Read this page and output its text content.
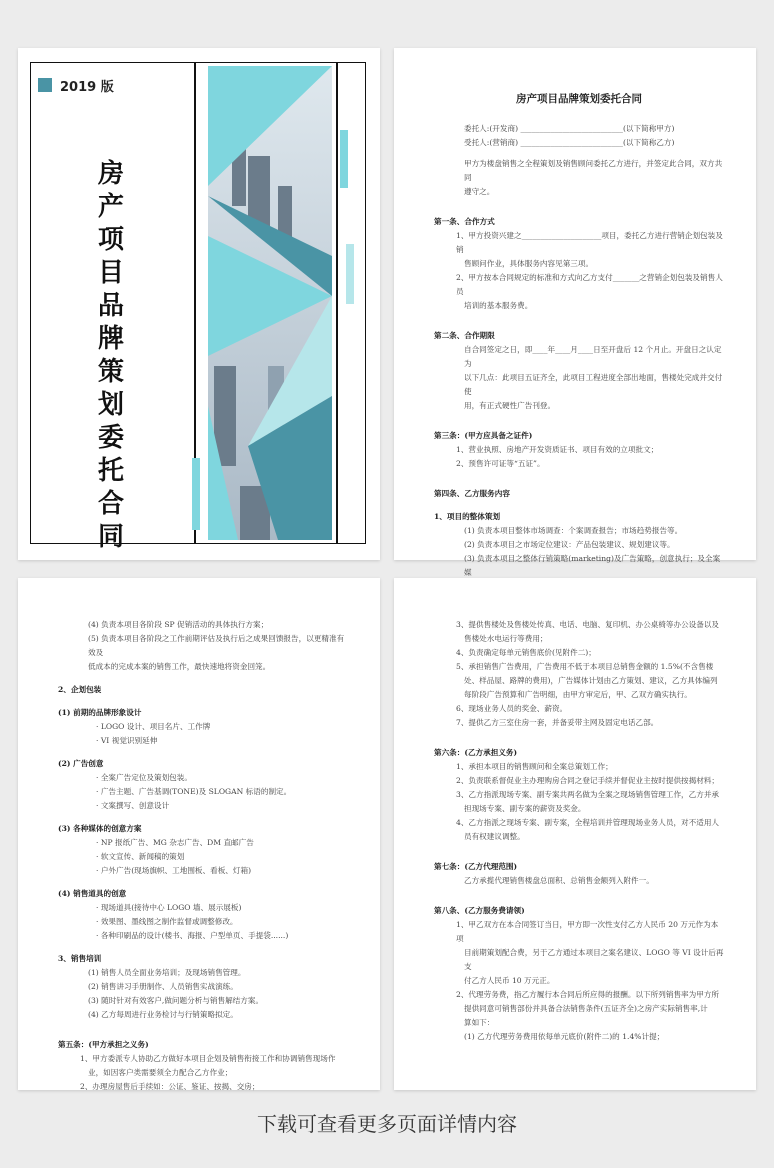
2019 版
房产项目品牌策划委托合同
房产项目品牌策划委托合同
委托人:(开发商) ___________________________(以下简称甲方)
受托人:(营销商) ___________________________(以下简称乙方)
甲方为楼盘销售之全程策划及销售顾问委托乙方进行，并签定此合同，双方共同
遵守之。
第一条、合作方式
1、甲方投资兴建之_____________________项目，委托乙方进行营销企划包装及销
售顾问作业，具体服务内容见第三项。
2、甲方按本合同规定的标准和方式向乙方支付_______之营销企划包装及销售人员
培训的基本服务费。
第二条、合作期限
自合同签定之日，即____年____月____日至开盘后 12 个月止。开盘日之认定为
以下几点：此项目五证齐全，此项目工程进度全部出地面，售楼处完成并交付使
用，有正式硬性广告刊登。
第三条：(甲方应具备之证件)
1、营业执照、房地产开发资质证书、项目有效的立项批文；
2、预售许可证等“五证”。
第四条、乙方服务内容
1、项目的整体策划
(1) 负责本项目整体市场调查：个案调查报告；市场趋势报告等。
(2) 负责本项目之市场定位建议：产品包装建议、规划建议等。
(3) 负责本项目之整体行销策略(marketing)及广告策略，创意执行；及全案媒
(4) 负责本项目各阶段 SP 促销活动的具体执行方案；
(5) 负责本项目各阶段之工作前期评估及执行后之成果回馈报告，以更精准有效及
低成本的完成本案的销售工作，最快速地将资金回笼。
2、企划包装
(1) 前期的品牌形象设计
· LOGO 设计、项目名片、工作牌
· VI 视觉识别延伸
(2) 广告创意
· 全案广告定位及策划包装。
· 广告主题、广告基调(TONE)及 SLOGAN 标语的制定。
· 文案撰写、创意设计
(3) 各种媒体的创意方案
· NP 报纸广告、MG 杂志广告、DM 直邮广告
· 软文宣传、新闻稿的策划
· 户外广告(现场旗帜、工地围板、看板、灯箱)
(4) 销售道具的创意
· 现场道具(接待中心 LOGO 墙、展示展板)
· 效果图、墨线图之制作监督或调整修改。
· 各种印刷品的设计(楼书、海报、户型单页、手提袋......)
3、销售培训
(1) 销售人员全面业务培训；及现场销售管理。
(2) 销售讲习手册制作、人员销售实战演练。
(3) 随时针对有效客户,做问题分析与销售解结方案。
(4) 乙方每周进行业务检讨与行销策略拟定。
第五条：(甲方承担之义务)
1、甲方委派专人协助乙方做好本项目企划及销售衔接工作和协调销售现场作
业，如因客户类需要须全力配合乙方作业；
2、办理房屋售后手续如：公证、鉴证、按揭、交房；
3、提供售楼处及售楼处传真、电话、电脑、复印机、办公桌椅等办公设备以及
售楼处水电运行等费用；
4、负责确定每单元销售底价(见附件二)；
5、承担销售广告费用，广告费用不低于本项目总销售金额的 1.5%(不含售楼
处、样品屋、路牌的费用)，广告媒体计划由乙方策划、建议，乙方具体编列
每阶段广告预算和广告明细，由甲方审定后，甲、乙双方确实执行。
6、现场业务人员的奖金、薪资。
7、提供乙方三室住房一套，并备妥带主网及固定电话乙部。
第六条：(乙方承担义务)
1、承担本项目的销售顾问和全案总策划工作；
2、负责联系督促业主办理购房合同之登记手续并督促业主按时提供按揭材料；
3、乙方指派现场专案、副专案共两名做为全案之现场销售管理工作，乙方并承
担现场专案、副专案的薪资及奖金。
4、乙方指派之现场专案、副专案，全程培训并管理现场业务人员，对不适用人
员有权建议调整。
第七条：(乙方代理范围)
乙方承揽代理销售楼盘总面积、总销售金额列入附件一。
第八条、(乙方服务费请领)
1、甲乙双方在本合同签订当日，甲方即一次性支付乙方人民币 20 万元作为本项
目前期策划配合费，另于乙方通过本项目之案名建议、LOGO 等 VI 设计后再支
付乙方人民币 10 万元正。
2、代理劳务费，指乙方履行本合同后所应得的报酬。以下所列销售率为甲方所
提供同意可销售部份并具备合法销售条件(五证齐全)之房产实际销售率,计
算如下：
(1) 乙方代理劳务费用依每单元底价(附件二)的 1.4%计提；
下载可查看更多页面详情内容
